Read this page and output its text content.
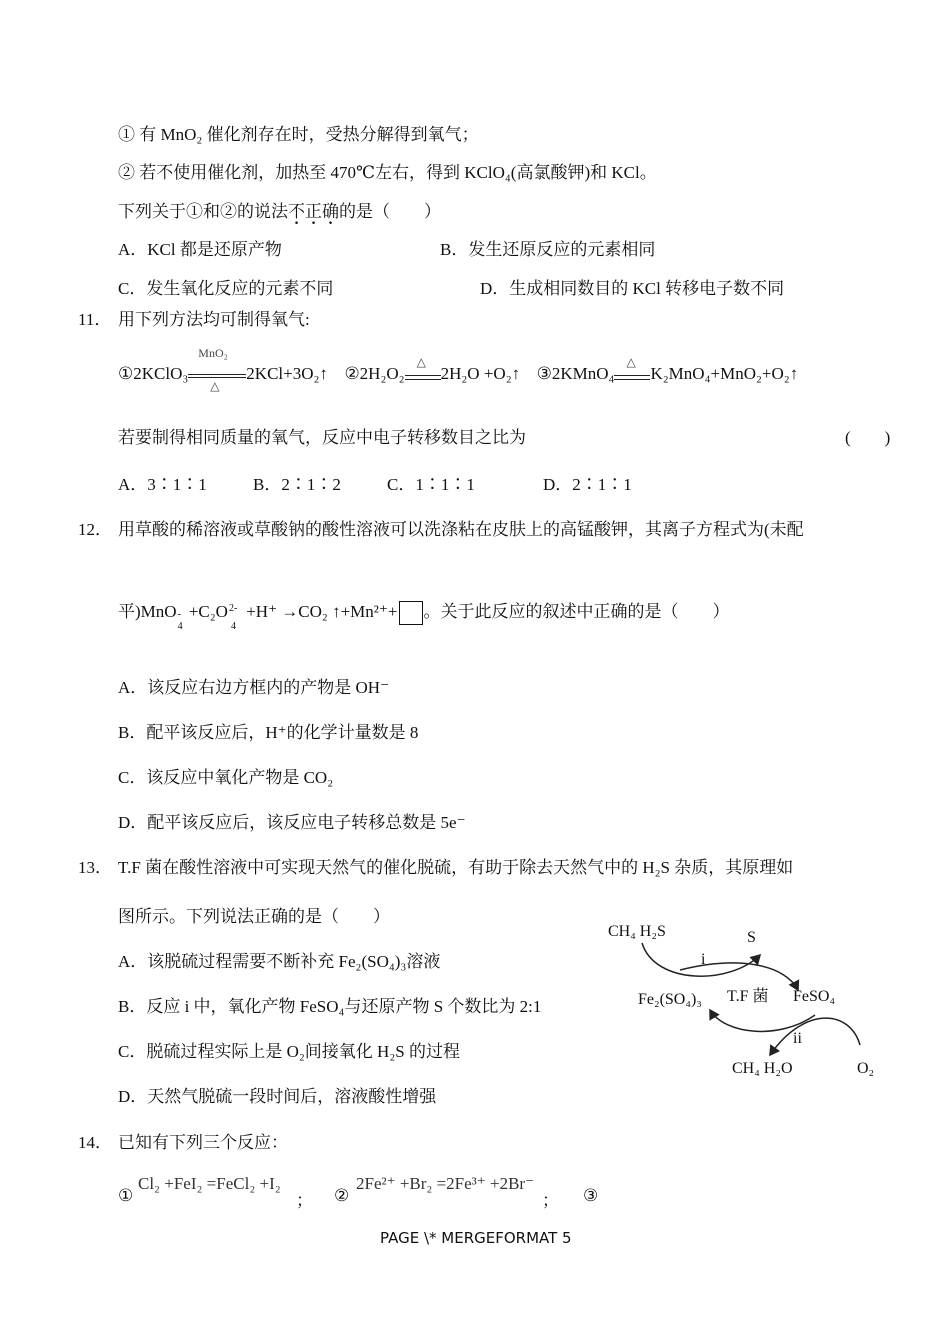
① 有 MnO₂ 催化剂存在时，受热分解得到氧气；
② 若不使用催化剂，加热至 470℃左右，得到 KClO₄(高氯酸钾)和 KCl。
下列关于①和②的说法不正确的是（　　）
A．KCl 都是还原产物	B．发生还原反应的元素相同
C．发生氧化反应的元素不同	D．生成相同数目的 KCl 转移电子数不同
11． 用下列方法均可制得氧气:
①2KClO₃
MnO₂
△
2KCl+3O₂↑ ②2H₂O₂
△
2H₂O +O₂↑ ③2KMnO₄
△
K₂MnO₄+MnO₂+O₂↑
若要制得相同质量的氧气，反应中电子转移数目之比为	(　　)
A．3∶1∶1	B．2∶1∶2	C．1∶1∶1	D．2∶1∶1
12． 用草酸的稀溶液或草酸钠的酸性溶液可以洗涤粘在皮肤上的高锰酸钾，其离子方程式为(未配
平)MnO -
4
+C₂O 2-
4
+H⁺ →CO₂ ↑+Mn²⁺+ 。关于此反应的叙述中正确的是（　　）
A．该反应右边方框内的产物是 OH⁻
B．配平该反应后，H⁺的化学计量数是 8
C．该反应中氧化产物是 CO₂
D．配平该反应后，该反应电子转移总数是 5e⁻
13． T.F 菌在酸性溶液中可实现天然气的催化脱硫，有助于除去天然气中的 H₂S 杂质，其原理如
图所示。下列说法正确的是（　　）
A．该脱硫过程需要不断补充 Fe₂(SO₄)₃溶液
B．反应 i 中，氧化产物 FeSO₄与还原产物 S 个数比为 2:1
C．脱硫过程实际上是 O₂间接氧化 H₂S 的过程
D．天然气脱硫一段时间后，溶液酸性增强
CH₄ H₂S	S
i
Fe₂(SO₄)₃ T.F 菌 FeSO₄
ii
CH₄ H₂O	O₂
14． 已知有下列三个反应：
①
Cl₂ +FeI₂ =FeCl₂ +I₂
； ②
2Fe²⁺ +Br₂ =2Fe³⁺ +2Br⁻
； ③
PAGE \* MERGEFORMAT 5
